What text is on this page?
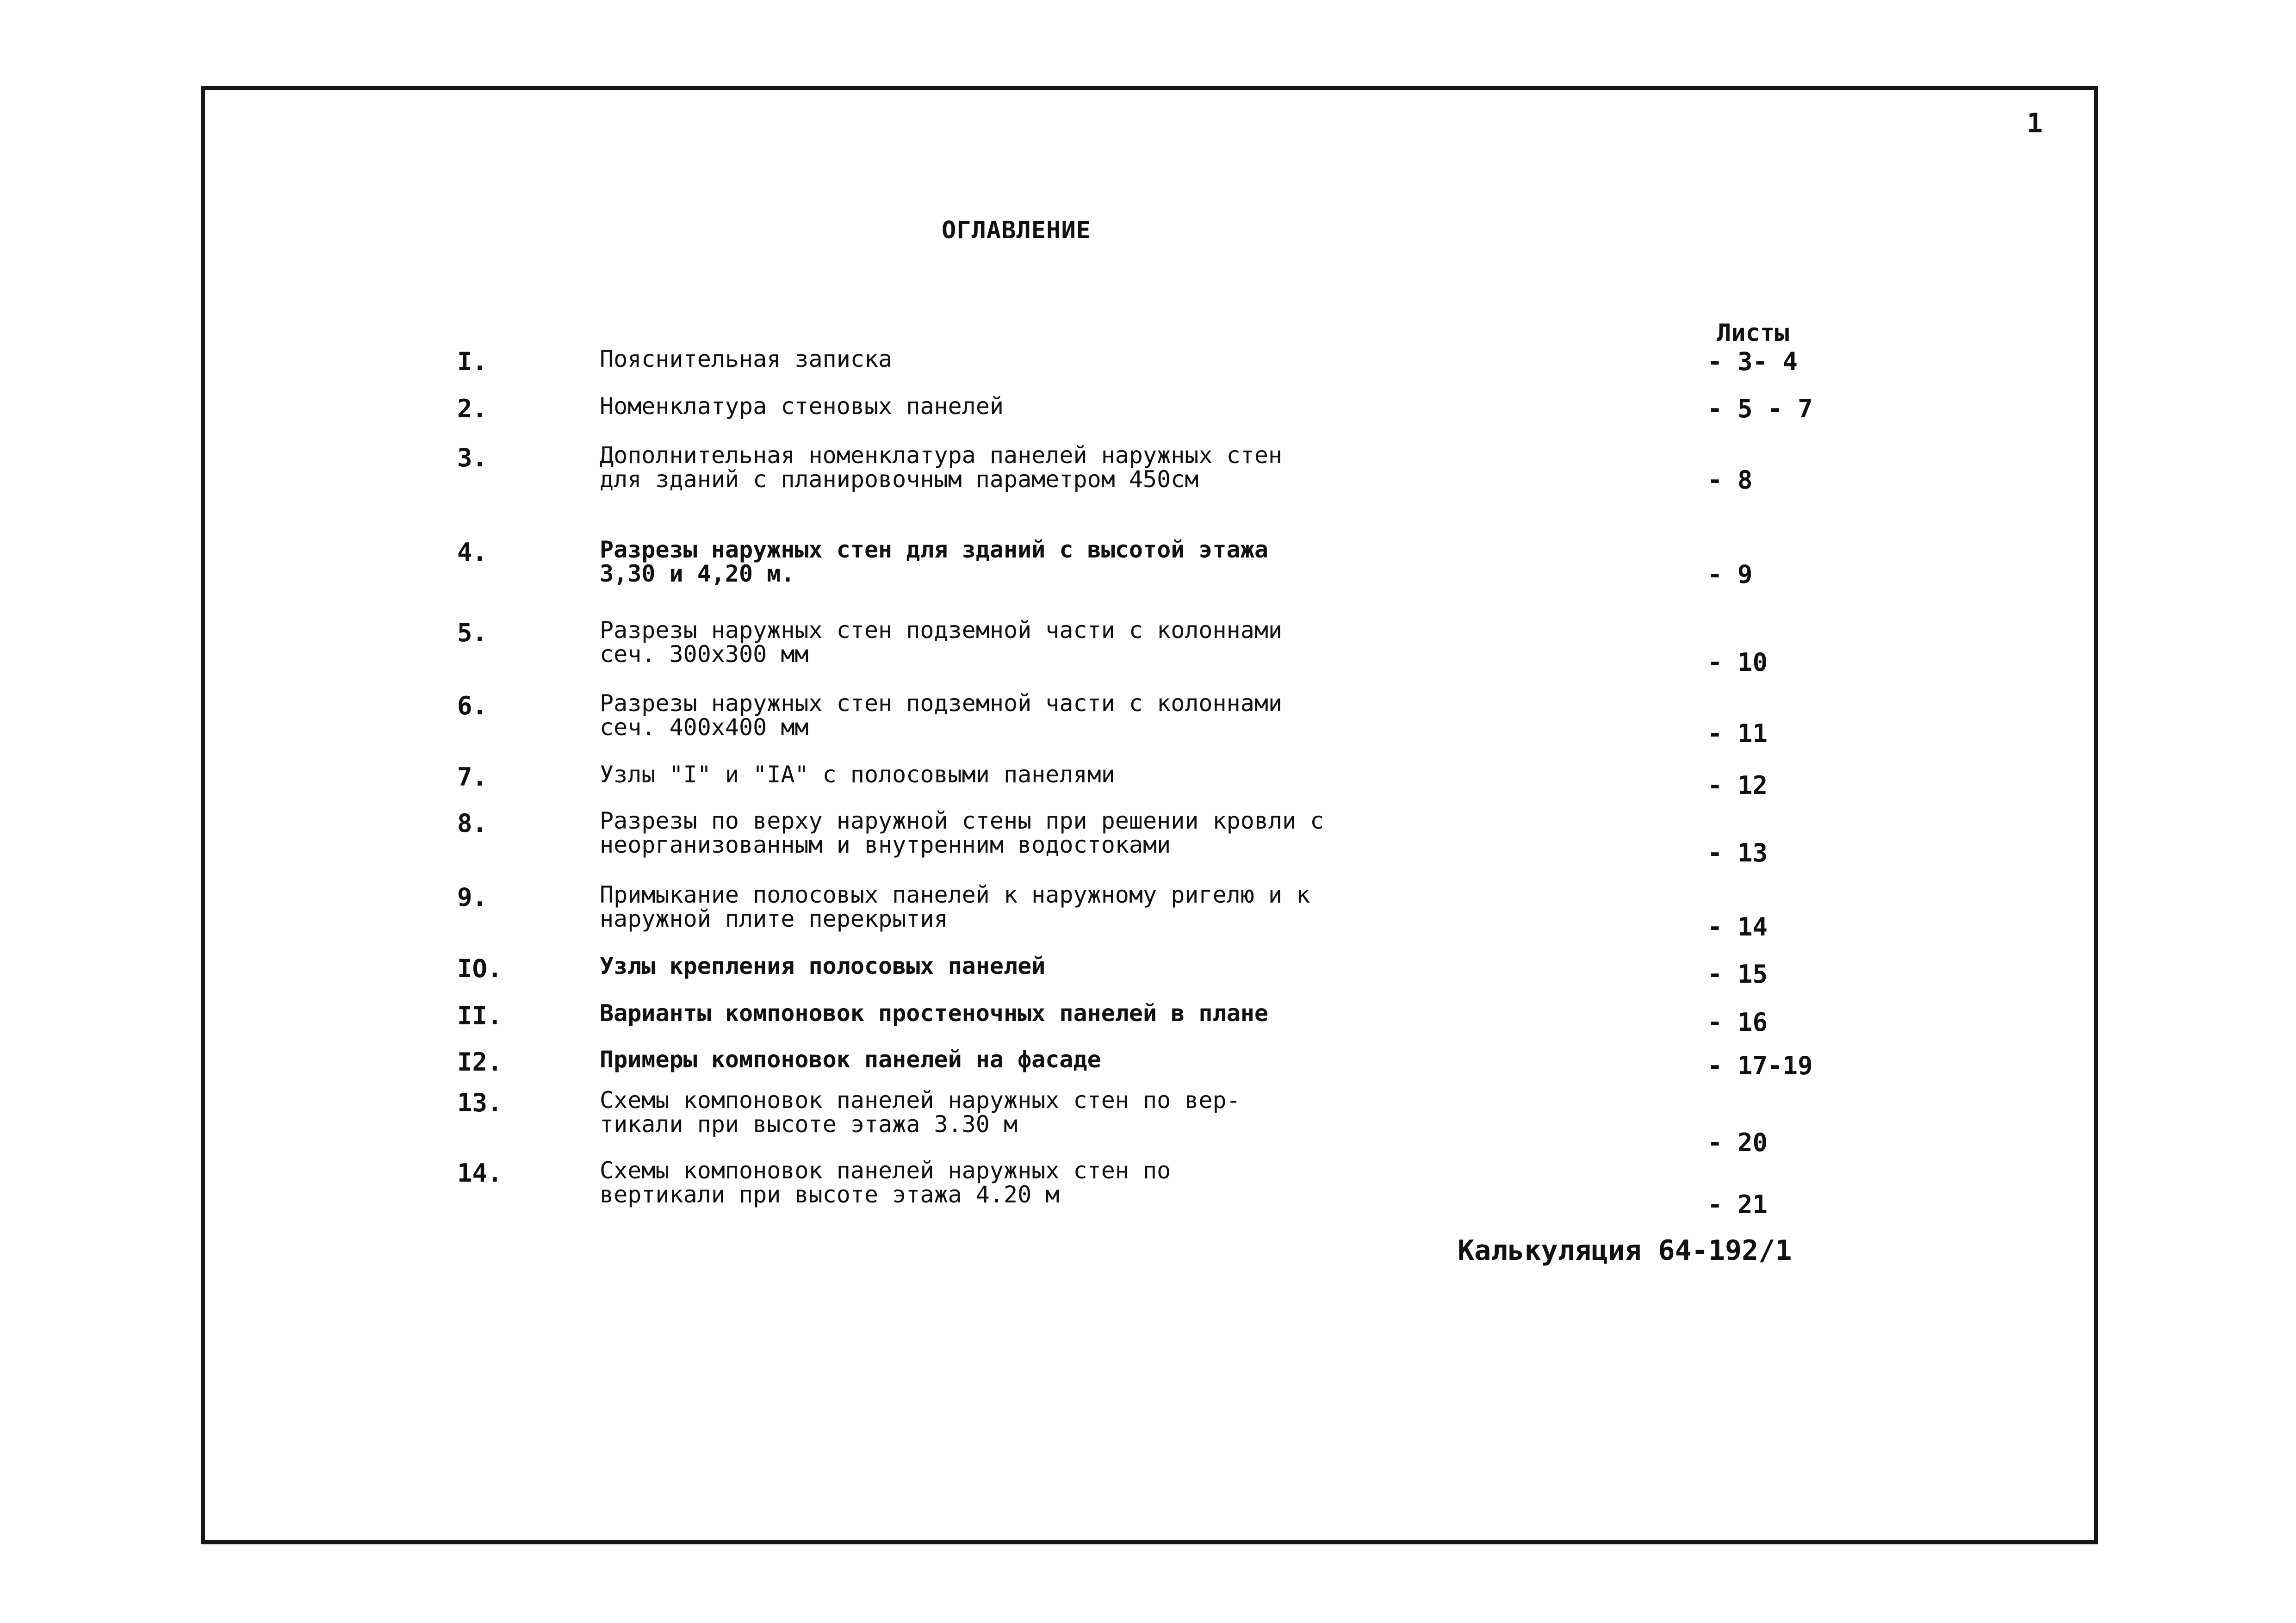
1
ОГЛАВЛЕНИЕ
Листы
I.	Пояснительная записка	- 3- 4
2.	Номенклатура стеновых панелей	- 5 - 7
3.	Дополнительная номенклатура панелей наружных стен
для зданий с планировочным параметром 450см	- 8
4.	Разрезы наружных стен для зданий с высотой этажа
3,30 и 4,20 м.	- 9
5.	Разрезы наружных стен подземной части с колоннами
сеч. 300х300 мм	- 10
6.	Разрезы наружных стен подземной части с колоннами
сеч. 400х400 мм	- 11
7.	Узлы "I" и "IA" с полосовыми панелями	- 12
8.	Разрезы по верху наружной стены при решении кровли с
неорганизованным и внутренним водостоками	- 13
9.	Примыкание полосовых панелей к наружному ригелю и к
наружной плите перекрытия	- 14
IO.	Узлы крепления полосовых панелей	- 15
II.	Варианты компоновок простеночных панелей в плане	- 16
I2.	Примеры компоновок панелей на фасаде	- 17-19
13.	Схемы компоновок панелей наружных стен по вер-
тикали при высоте этажа 3.30 м
- 20
14.	Схемы компоновок панелей наружных стен по
вертикали при высоте этажа 4.20 м	- 21
Калькуляция 64-192/1
